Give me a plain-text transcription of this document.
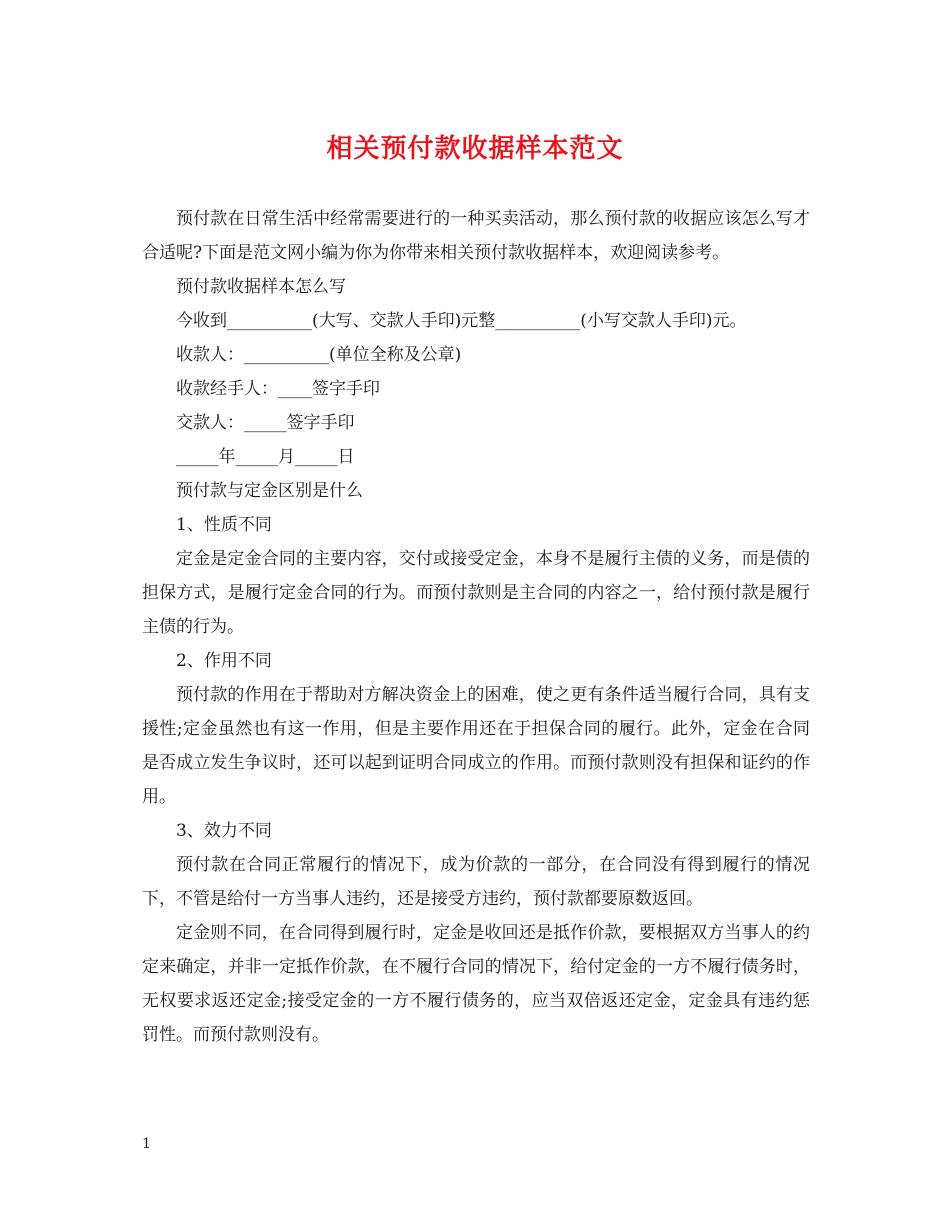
相关预付款收据样本范文

预付款在日常生活中经常需要进行的一种买卖活动，那么预付款的收据应该怎么写才合适呢?下面是范文网小编为你为你带来相关预付款收据样本，欢迎阅读参考。

预付款收据样本怎么写

今收到__________(大写、交款人手印)元整__________(小写交款人手印)元。

收款人：__________(单位全称及公章)

收款经手人：____签字手印

交款人：_____签字手印

_____年_____月_____日

预付款与定金区别是什么

1、性质不同

定金是定金合同的主要内容，交付或接受定金，本身不是履行主债的义务，而是债的担保方式，是履行定金合同的行为。而预付款则是主合同的内容之一，给付预付款是履行主债的行为。

2、作用不同

预付款的作用在于帮助对方解决资金上的困难，使之更有条件适当履行合同，具有支援性;定金虽然也有这一作用，但是主要作用还在于担保合同的履行。此外，定金在合同是否成立发生争议时，还可以起到证明合同成立的作用。而预付款则没有担保和证约的作用。

3、效力不同

预付款在合同正常履行的情况下，成为价款的一部分，在合同没有得到履行的情况下，不管是给付一方当事人违约，还是接受方违约，预付款都要原数返回。

定金则不同，在合同得到履行时，定金是收回还是抵作价款，要根据双方当事人的约定来确定，并非一定抵作价款，在不履行合同的情况下，给付定金的一方不履行债务时，无权要求返还定金;接受定金的一方不履行债务的，应当双倍返还定金，定金具有违约惩罚性。而预付款则没有。

1
